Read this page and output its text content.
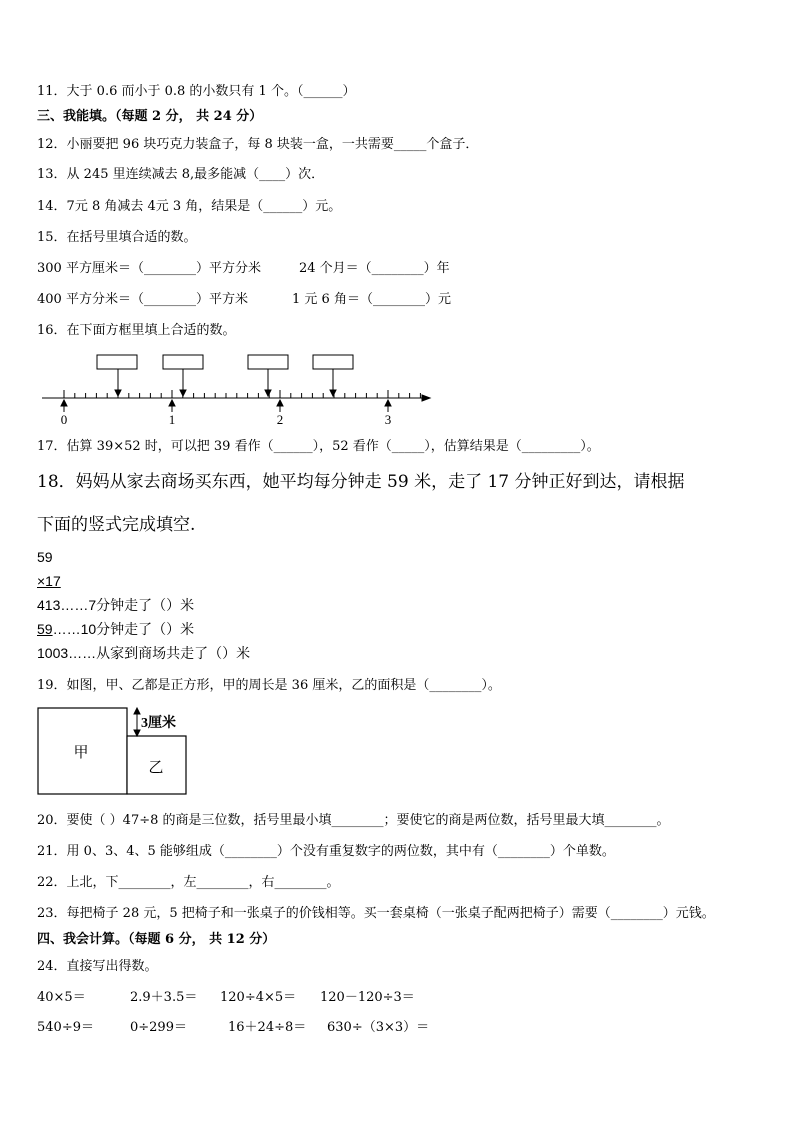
11．大于 0.6 而小于 0.8 的小数只有 1 个。（______）
三、我能填。（每题 2 分， 共 24 分）
12．小丽要把 96 块巧克力装盒子，每 8 块装一盒，一共需要_____个盒子．
13．从 245 里连续减去 8,最多能减（____）次．
14．7元 8 角减去 4元 3 角，结果是（______）元。
15．在括号里填合适的数。
300 平方厘米＝（________）平方分米	24 个月＝（________）年
400 平方分米＝（________）平方米	1 元 6 角＝（________）元
16．在下面方框里填上合适的数。
0	1	2	3
17．估算 39×52 时，可以把 39 看作（______），52 看作（_____），估算结果是（_________）。
18．妈妈从家去商场买东西，她平均每分钟走 59 米，走了 17 分钟正好到达，请根据
下面的竖式完成填空.
59
×17
413……7分钟走了（）米
59……10分钟走了（）米
1003……从家到商场共走了（）米
19．如图，甲、乙都是正方形，甲的周长是 36 厘米，乙的面积是（________）。
甲
乙
3厘米
20．要使（ ）47÷8 的商是三位数，括号里最小填________；要使它的商是两位数，括号里最大填________。
21．用 0、3、4、5 能够组成（________）个没有重复数字的两位数，其中有（________）个单数。
22．上北，下________，左________，右________。
23．每把椅子 28 元，5 把椅子和一张桌子的价钱相等。买一套桌椅（一张桌子配两把椅子）需要（________）元钱。
四、我会计算。（每题 6 分， 共 12 分）
24．直接写出得数。
40×5＝	2.9＋3.5＝ 120÷4×5＝ 120－120÷3＝
540÷9＝	0÷299＝	16＋24÷8＝ 630÷（3×3）＝
